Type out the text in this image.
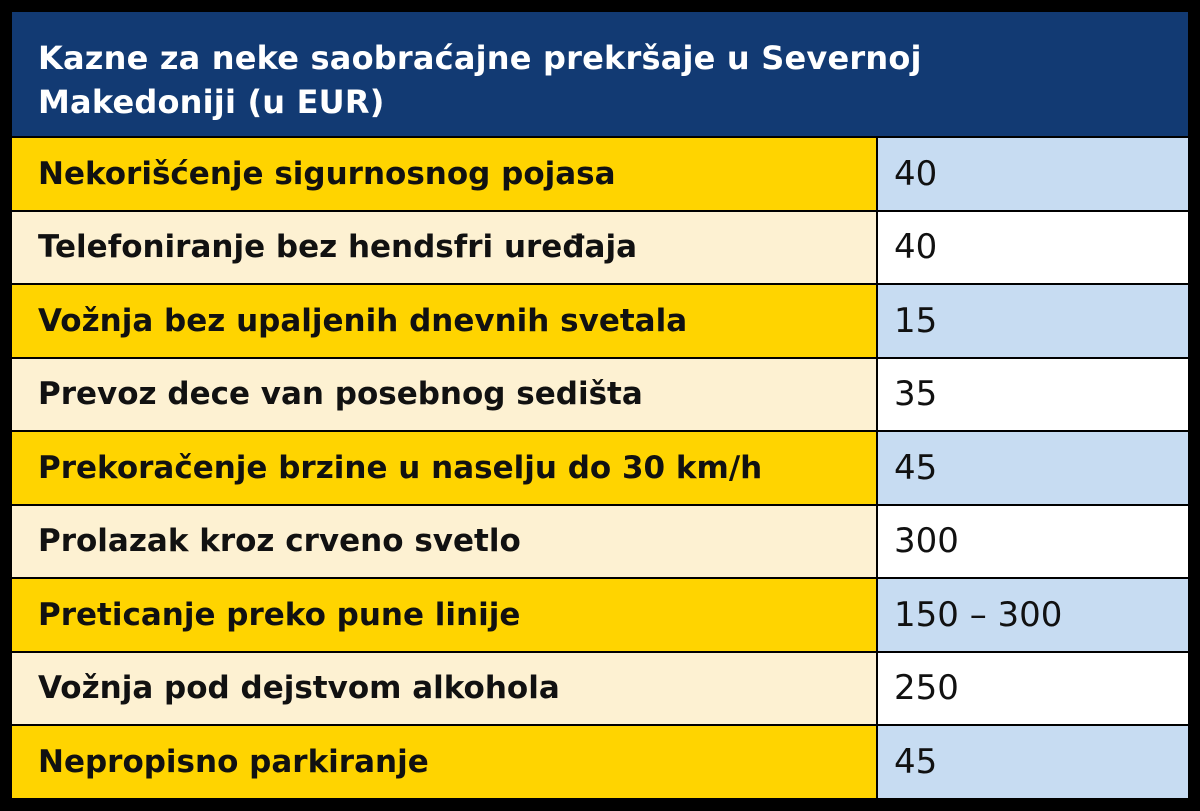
Kazne za neke saobraćajne prekršaje u Severnoj Makedoniji (u EUR)

Nekorišćenje sigurnosnog pojasa	40
Telefoniranje bez hendsfri uređaja	40
Vožnja bez upaljenih dnevnih svetala	15
Prevoz dece van posebnog sedišta	35
Prekoračenje brzine u naselju do 30 km/h	45
Prolazak kroz crveno svetlo	300
Preticanje preko pune linije	150 – 300
Vožnja pod dejstvom alkohola	250
Nepropisno parkiranje	45
